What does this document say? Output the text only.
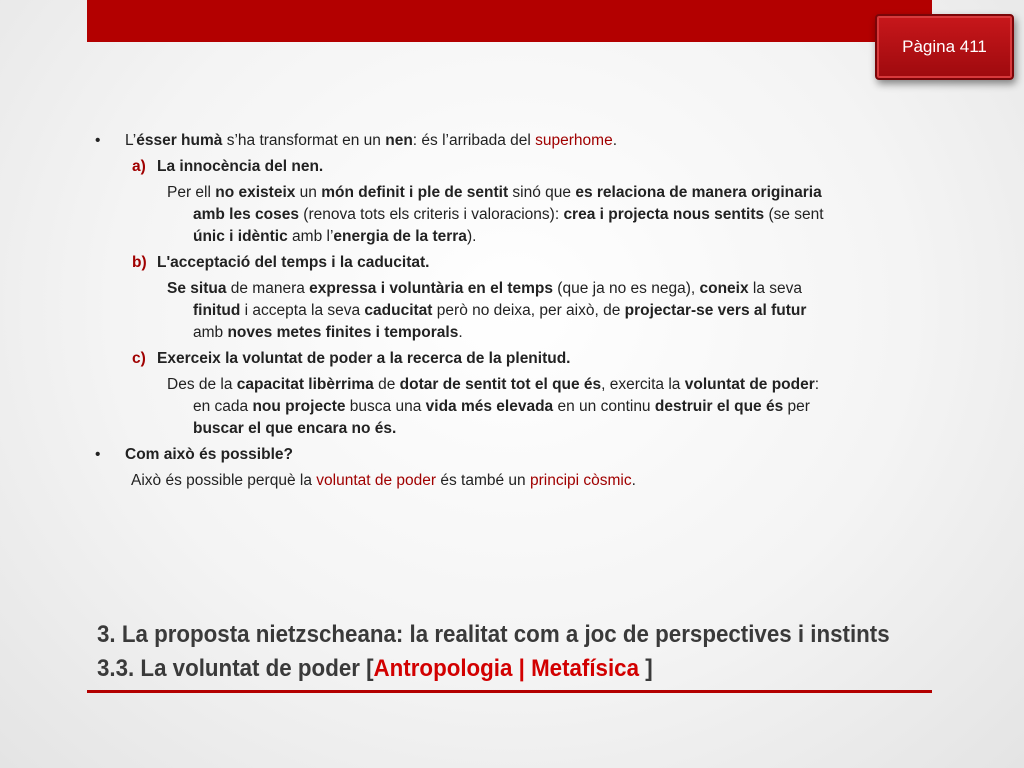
Pàgina 411
•	L’ésser humà s’ha transformat en un nen: és l’arribada del superhome.
a) La innocència del nen.
Per ell no existeix un món definit i ple de sentit sinó que es relaciona de manera originaria
amb les coses (renova tots els criteris i valoracions): crea i projecta nous sentits (se sent
únic i idèntic amb l’energia de la terra).
b) L'acceptació del temps i la caducitat.
Se situa de manera expressa i voluntària en el temps (que ja no es nega), coneix la seva
finitud i accepta la seva caducitat però no deixa, per això, de projectar-se vers al futur
amb noves metes finites i temporals.
c) Exerceix la voluntat de poder a la recerca de la plenitud.
Des de la capacitat libèrrima de dotar de sentit tot el que és, exercita la voluntat de poder:
en cada nou projecte busca una vida més elevada en un continu destruir el que és per
buscar el que encara no és.
•	Com això és possible?
Això és possible perquè la voluntat de poder és també un principi còsmic.
3. La proposta nietzscheana: la realitat com a joc de perspectives i instints
3.3. La voluntat de poder [Antropologia | Metafísica ]
